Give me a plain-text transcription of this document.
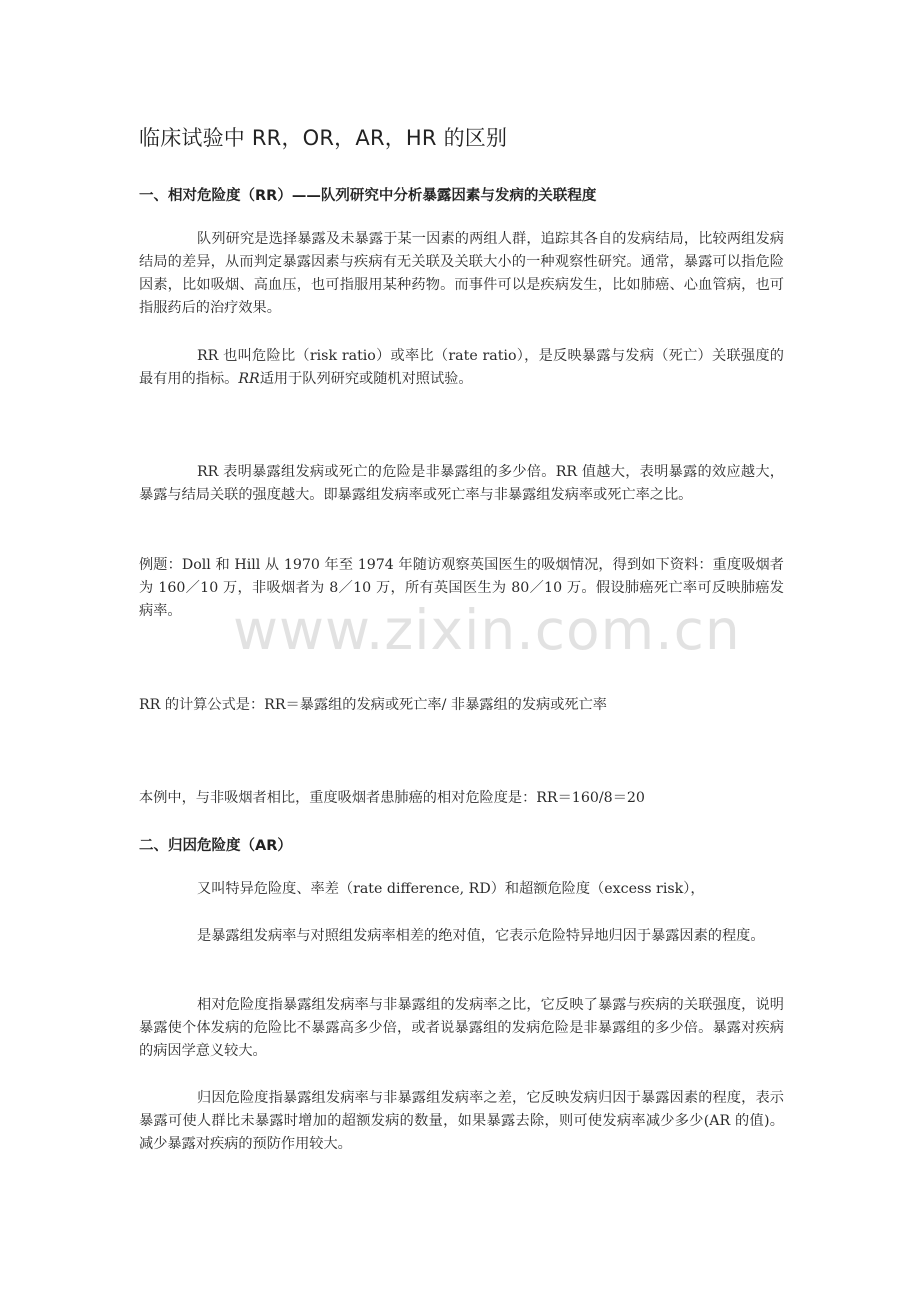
临床试验中 RR，OR，AR，HR 的区别
一、相对危险度（RR）——队列研究中分析暴露因素与发病的关联程度

队列研究是选择暴露及未暴露于某一因素的两组人群，追踪其各自的发病结局，比较两组发病结局的差异，从而判定暴露因素与疾病有无关联及关联大小的一种观察性研究。通常，暴露可以指危险因素，比如吸烟、高血压，也可指服用某种药物。而事件可以是疾病发生，比如肺癌、心血管病，也可指服药后的治疗效果。

RR 也叫危险比（risk ratio）或率比（rate ratio），是反映暴露与发病（死亡）关联强度的最有用的指标。RR适用于队列研究或随机对照试验。

RR 表明暴露组发病或死亡的危险是非暴露组的多少倍。RR 值越大，表明暴露的效应越大，暴露与结局关联的强度越大。即暴露组发病率或死亡率与非暴露组发病率或死亡率之比。

例题：Doll 和 Hill 从 1970 年至 1974 年随访观察英国医生的吸烟情况，得到如下资料：重度吸烟者为 160／10 万，非吸烟者为 8／10 万，所有英国医生为 80／10 万。假设肺癌死亡率可反映肺癌发病率。

RR 的计算公式是：RR＝暴露组的发病或死亡率/ 非暴露组的发病或死亡率

本例中，与非吸烟者相比，重度吸烟者患肺癌的相对危险度是：RR＝160/8＝20

二、归因危险度（AR）

又叫特异危险度、率差（rate difference, RD）和超额危险度（excess risk），

是暴露组发病率与对照组发病率相差的绝对值，它表示危险特异地归因于暴露因素的程度。

相对危险度指暴露组发病率与非暴露组的发病率之比，它反映了暴露与疾病的关联强度，说明暴露使个体发病的危险比不暴露高多少倍，或者说暴露组的发病危险是非暴露组的多少倍。暴露对疾病的病因学意义较大。

归因危险度指暴露组发病率与非暴露组发病率之差，它反映发病归因于暴露因素的程度，表示暴露可使人群比未暴露时增加的超额发病的数量，如果暴露去除，则可使发病率减少多少(AR 的值)。减少暴露对疾病的预防作用较大。

www.zixin.com.cn
